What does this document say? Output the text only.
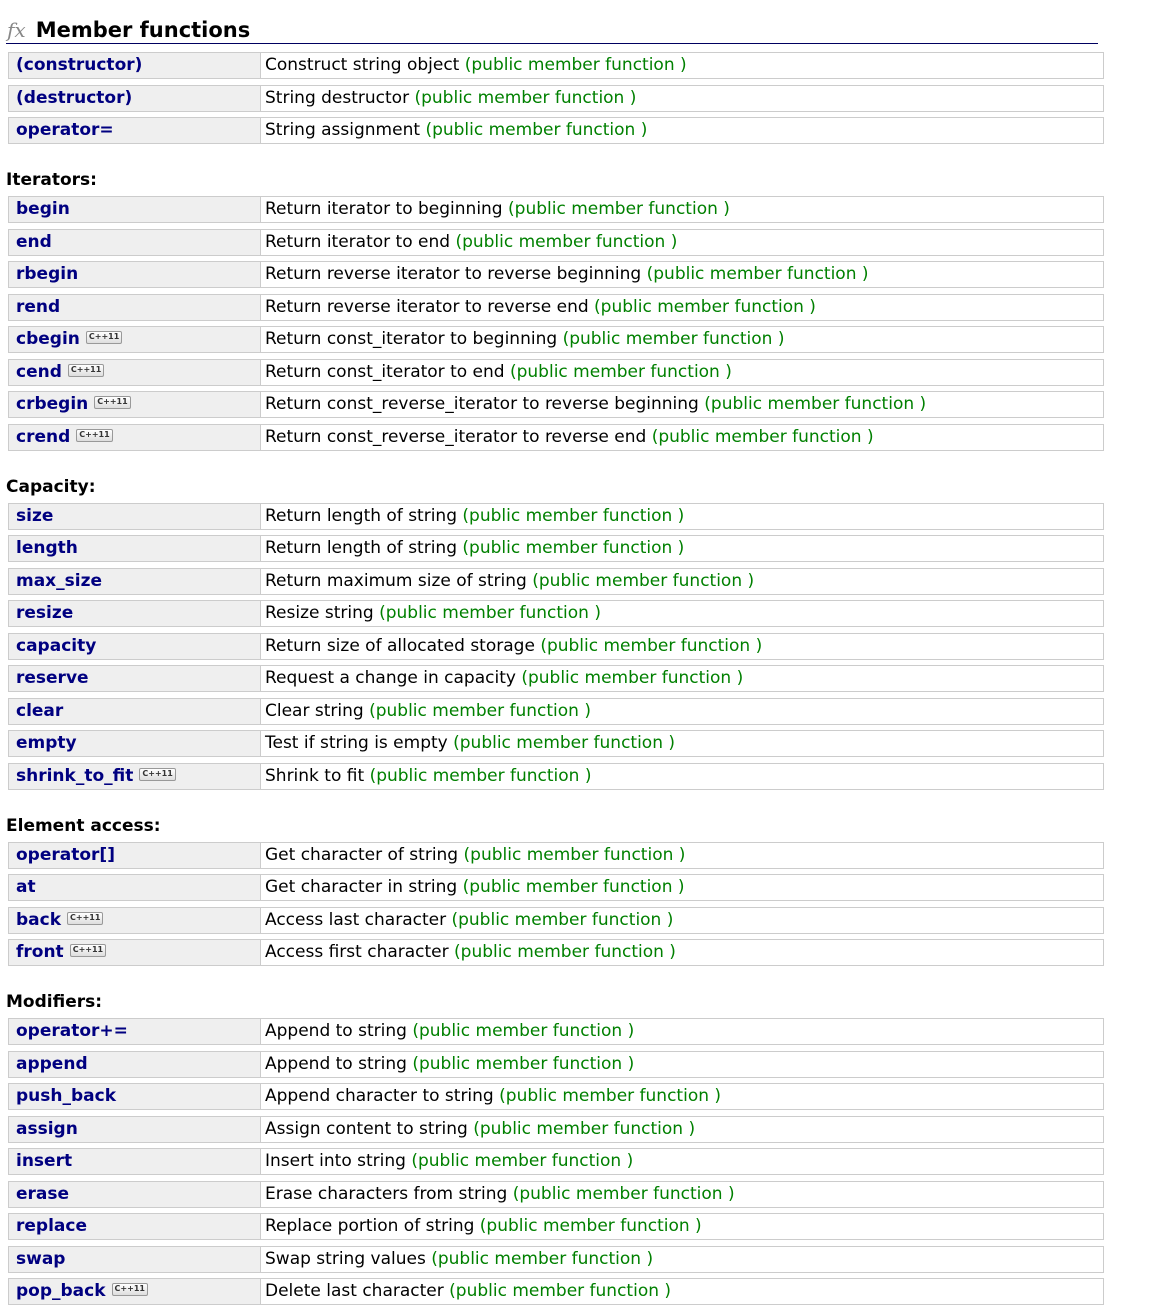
fx Member functions
(constructor)	Construct string object (public member function )
(destructor)	String destructor (public member function )
operator=	String assignment (public member function )
Iterators:
begin	Return iterator to beginning (public member function )
end	Return iterator to end (public member function )
rbegin	Return reverse iterator to reverse beginning (public member function )
rend	Return reverse iterator to reverse end (public member function )
cbegin C++11	Return const_iterator to beginning (public member function )
cend C++11	Return const_iterator to end (public member function )
crbegin C++11	Return const_reverse_iterator to reverse beginning (public member function )
crend C++11	Return const_reverse_iterator to reverse end (public member function )
Capacity:
size	Return length of string (public member function )
length	Return length of string (public member function )
max_size	Return maximum size of string (public member function )
resize	Resize string (public member function )
capacity	Return size of allocated storage (public member function )
reserve	Request a change in capacity (public member function )
clear	Clear string (public member function )
empty	Test if string is empty (public member function )
shrink_to_fit C++11	Shrink to fit (public member function )
Element access:
operator[]	Get character of string (public member function )
at	Get character in string (public member function )
back C++11	Access last character (public member function )
front C++11	Access first character (public member function )
Modifiers:
operator+=	Append to string (public member function )
append	Append to string (public member function )
push_back	Append character to string (public member function )
assign	Assign content to string (public member function )
insert	Insert into string (public member function )
erase	Erase characters from string (public member function )
replace	Replace portion of string (public member function )
swap	Swap string values (public member function )
pop_back C++11	Delete last character (public member function )
